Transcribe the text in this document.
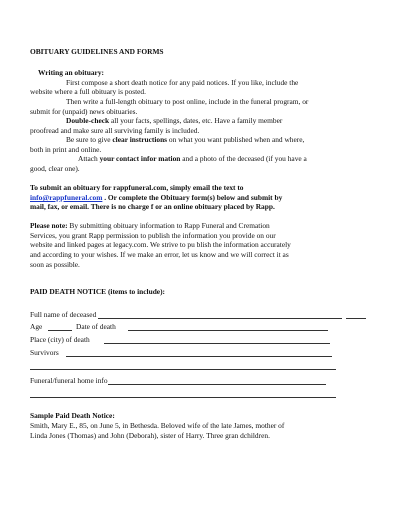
OBITUARY GUIDELINES AND FORMS
Writing an obituary:
First compose a short death notice for any paid notices. If you like, include the
website where a full obituary is posted.
Then write a full-length obituary to post online, include in the funeral program, or
submit for (unpaid) news obituaries.
Double-check all your facts, spellings, dates, etc. Have a family member
proofread and make sure all surviving family is included.
Be sure to give clear instructions on what you want published when and where,
both in print and online.
Attach your contact infor mation and a photo of the deceased (if you have a
good, clear one).
To submit an obituary for rappfuneral.com, simply email the text to
info@rappfuneral.com . Or complete the Obituary form(s) below and submit by
mail, fax, or email. There is no charge f or an online obituary placed by Rapp.
Please note: By submitting obituary information to Rapp Funeral and Cremation
Services, you grant Rapp permission to publish the information you provide on our
website and linked pages at legacy.com. We strive to pu blish the information accurately
and according to your wishes. If we make an error, let us know and we will correct it as
soon as possible.
PAID DEATH NOTICE (items to include):
Full name of deceased
Age	Date of death
Place (city) of death
Survivors
Funeral/funeral home info
Sample Paid Death Notice:
Smith, Mary E., 85, on June 5, in Bethesda. Beloved wife of the late James, mother of
Linda Jones (Thomas) and John (Deborah), sister of Harry. Three gran dchildren.
